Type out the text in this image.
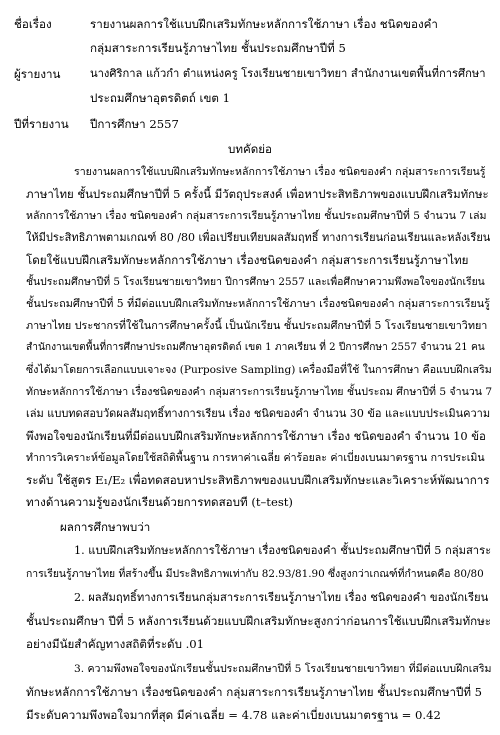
ชื่อเรื่อง	รายงานผลการใช้แบบฝึกเสริมทักษะหลักการใช้ภาษา เรื่อง ชนิดของคำ
กลุ่มสาระการเรียนรู้ภาษาไทย ชั้นประถมศึกษาปีที่ 5
ผู้รายงาน	นางศิริกาล แก้วกำ ตำแหน่งครู โรงเรียนชายเขาวิทยา สำนักงานเขตพื้นที่การศึกษา
ประถมศึกษาอุตรดิตถ์ เขต 1
ปีที่รายงาน ปีการศึกษา 2557
บทคัดย่อ
รายงานผลการใช้แบบฝึกเสริมทักษะหลักการใช้ภาษา เรื่อง ชนิดของคำ กลุ่มสาระการเรียนรู้
ภาษาไทย ชั้นประถมศึกษาปีที่ 5 ครั้งนี้ มีวัตถุประสงค์ เพื่อหาประสิทธิภาพของแบบฝึกเสริมทักษะ
หลักการใช้ภาษา เรื่อง ชนิดของคำ กลุ่มสาระการเรียนรู้ภาษาไทย ชั้นประถมศึกษาปีที่ 5 จำนวน 7 เล่ม
ให้มีประสิทธิภาพตามเกณฑ์ 80 /80 เพื่อเปรียบเทียบผลสัมฤทธิ์ ทางการเรียนก่อนเรียนและหลังเรียน
โดยใช้แบบฝึกเสริมทักษะหลักการใช้ภาษา เรื่องชนิดของคำ กลุ่มสาระการเรียนรู้ภาษาไทย
ชั้นประถมศึกษาปีที่ 5 โรงเรียนชายเขาวิทยา ปีการศึกษา 2557 และเพื่อศึกษาความพึงพอใจของนักเรียน
ชั้นประถมศึกษาปีที่ 5 ที่มีต่อแบบฝึกเสริมทักษะหลักการใช้ภาษา เรื่องชนิดของคำ กลุ่มสาระการเรียนรู้
ภาษาไทย ประชากรที่ใช้ในการศึกษาครั้งนี้ เป็นนักเรียน ชั้นประถมศึกษาปีที่ 5 โรงเรียนชายเขาวิทยา
สำนักงานเขตพื้นที่การศึกษาประถมศึกษาอุตรดิตถ์ เขต 1 ภาคเรียน ที่ 2 ปีการศึกษา 2557 จำนวน 21 คน
ซึ่งได้มาโดยการเลือกแบบเจาะจง (Purposive Sampling) เครื่องมือที่ใช้ ในการศึกษา คือแบบฝึกเสริม
ทักษะหลักการใช้ภาษา เรื่องชนิดของคำ กลุ่มสาระการเรียนรู้ภาษาไทย ชั้นประถม ศึกษาปีที่ 5 จำนวน 7
เล่ม แบบทดสอบวัดผลสัมฤทธิ์ทางการเรียน เรื่อง ชนิดของคำ จำนวน 30 ข้อ และแบบประเมินความ
พึงพอใจของนักเรียนที่มีต่อแบบฝึกเสริมทักษะหลักการใช้ภาษา เรื่อง ชนิดของคำ จำนวน 10 ข้อ
ทำการวิเคราะห์ข้อมูลโดยใช้สถิติพื้นฐาน การหาค่าเฉลี่ย ค่าร้อยละ ค่าเบี่ยงเบนมาตรฐาน การประเมิน
ระดับ ใช้สูตร E₁/E₂ เพื่อทดสอบหาประสิทธิภาพของแบบฝึกเสริมทักษะและวิเคราะห์พัฒนาการ
ทางด้านความรู้ของนักเรียนด้วยการทดสอบที (t–test)
ผลการศึกษาพบว่า
1. แบบฝึกเสริมทักษะหลักการใช้ภาษา เรื่องชนิดของคำ ชั้นประถมศึกษาปีที่ 5 กลุ่มสาระ
การเรียนรู้ภาษาไทย ที่สร้างขึ้น มีประสิทธิภาพเท่ากับ 82.93/81.90 ซึ่งสูงกว่าเกณฑ์ที่กำหนดคือ 80/80
2. ผลสัมฤทธิ์ทางการเรียนกลุ่มสาระการเรียนรู้ภาษาไทย เรื่อง ชนิดของคำ ของนักเรียน
ชั้นประถมศึกษา ปีที่ 5 หลังการเรียนด้วยแบบฝึกเสริมทักษะสูงกว่าก่อนการใช้แบบฝึกเสริมทักษะ
อย่างมีนัยสำคัญทางสถิติที่ระดับ .01
3. ความพึงพอใจของนักเรียนชั้นประถมศึกษาปีที่ 5 โรงเรียนชายเขาวิทยา ที่มีต่อแบบฝึกเสริม
ทักษะหลักการใช้ภาษา เรื่องชนิดของคำ กลุ่มสาระการเรียนรู้ภาษาไทย ชั้นประถมศึกษาปีที่ 5
มีระดับความพึงพอใจมากที่สุด มีค่าเฉลี่ย = 4.78 และค่าเบี่ยงเบนมาตรฐาน = 0.42
